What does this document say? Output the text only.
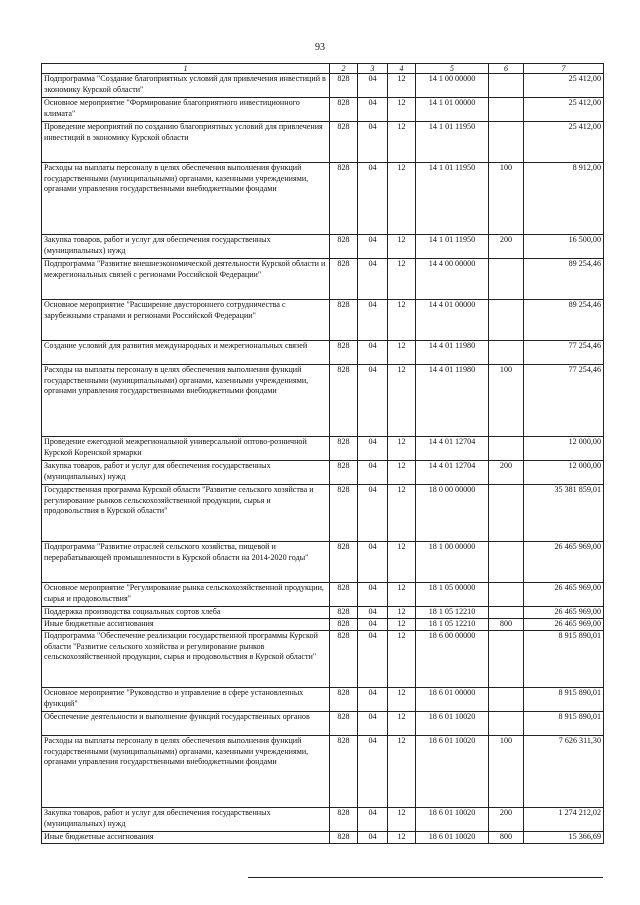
93
1	2	3	4	5	6	7
Подпрограмма "Создание благоприятных условий для привлечения инвестиций в экономику Курской области"	828	04	12	14 1 00 00000		25 412,00
Основное мероприятие "Формирование благоприятного инвестиционного климата"	828	04	12	14 1 01 00000		25 412,00
Проведение мероприятий по созданию благоприятных условий для привлечения инвестиций в экономику Курской области	828	04	12	14 1 01 11950		25 412,00
Расходы на выплаты персоналу в целях обеспечения выполнения функций государственными (муниципальными) органами, казенными учреждениями, органами управления государственными внебюджетными фондами	828	04	12	14 1 01 11950	100	8 912,00
Закупка товаров, работ и услуг для обеспечения государственных (муниципальных) нужд	828	04	12	14 1 01 11950	200	16 500,00
Подпрограмма "Развитие внешнеэкономической деятельности Курской области и межрегиональных связей с регионами Российской Федерации"	828	04	12	14 4 00 00000		89 254,46
Основное мероприятие "Расширение двустороннего сотрудничества с зарубежными странами и регионами Российской Федерации"	828	04	12	14 4 01 00000		89 254,46
Создание условий для развития международных и межрегиональных связей	828	04	12	14 4 01 11980		77 254,46
Расходы на выплаты персоналу в целях обеспечения выполнения функций государственными (муниципальными) органами, казенными учреждениями, органами управления государственными внебюджетными фондами	828	04	12	14 4 01 11980	100	77 254,46
Проведение ежегодной межрегиональной универсальной оптово-розничной Курской Коренской ярмарки	828	04	12	14 4 01 12704		12 000,00
Закупка товаров, работ и услуг для обеспечения государственных (муниципальных) нужд	828	04	12	14 4 01 12704	200	12 000,00
Государственная программа Курской области "Развитие сельского хозяйства и регулирование рынков сельскохозяйственной продукции, сырья и продовольствия в Курской области"	828	04	12	18 0 00 00000		35 381 859,01
Подпрограмма "Развитие отраслей сельского хозяйства, пищевой и перерабатывающей промышленности в Курской области на 2014-2020 годы"	828	04	12	18 1 00 00000		26 465 969,00
Основное мероприятие "Регулирование рынка сельскохозяйственной продукции, сырья и продовольствия"	828	04	12	18 1 05 00000		26 465 969,00
Поддержка производства социальных сортов хлеба	828	04	12	18 1 05 12210		26 465 969,00
Иные бюджетные ассигнования	828	04	12	18 1 05 12210	800	26 465 969,00
Подпрограмма "Обеспечение реализации государственной программы Курской области "Развитие сельского хозяйства и регулирование рынков сельскохозяйственной продукции, сырья и продовольствия в Курской области"	828	04	12	18 6 00 00000		8 915 890,01
Основное мероприятие "Руководство и управление в сфере установленных функций"	828	04	12	18 6 01 00000		8 915 890,01
Обеспечение деятельности и выполнение функций государственных органов	828	04	12	18 6 01 10020		8 915 890,01
Расходы на выплаты персоналу в целях обеспечения выполнения функций государственными (муниципальными) органами, казенными учреждениями, органами управления государственными внебюджетными фондами	828	04	12	18 6 01 10020	100	7 626 311,30
Закупка товаров, работ и услуг для обеспечения государственных (муниципальных) нужд	828	04	12	18 6 01 10020	200	1 274 212,02
Иные бюджетные ассигнования	828	04	12	18 6 01 10020	800	15 366,69
